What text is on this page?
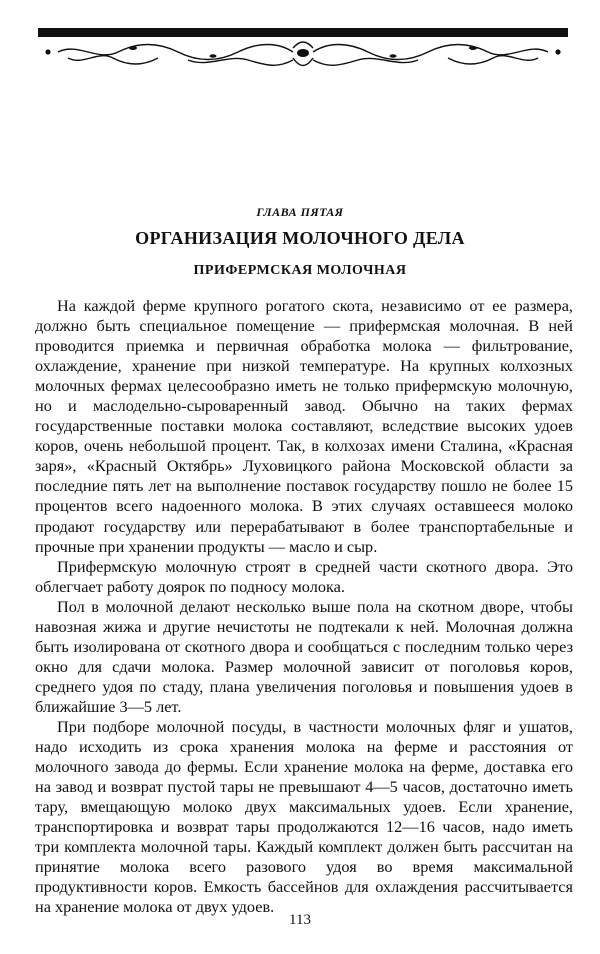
ГЛАВА ПЯТАЯ
ОРГАНИЗАЦИЯ МОЛОЧНОГО ДЕЛА
ПРИФЕРМСКАЯ МОЛОЧНАЯ

На каждой ферме крупного рогатого скота, независимо от ее размера, должно быть специальное помещение — прифермская молочная. В ней проводится приемка и первичная обработка молока — фильтрование, охлаждение, хранение при низкой температуре. На крупных колхозных молочных фермах целесообразно иметь не только прифермскую молочную, но и маслодельно-сыроваренный завод. Обычно на таких фермах государственные поставки молока составляют, вследствие высоких удоев коров, очень небольшой процент. Так, в колхозах имени Сталина, «Красная заря», «Красный Октябрь» Луховицкого района Московской области за последние пять лет на выполнение поставок государству пошло не более 15 процентов всего надоенного молока. В этих случаях оставшееся молоко продают государству или перерабатывают в более транспортабельные и прочные при хранении продукты — масло и сыр.

Прифермскую молочную строят в средней части скотного двора. Это облегчает работу доярок по подносу молока.

Пол в молочной делают несколько выше пола на скотном дворе, чтобы навозная жижа и другие нечистоты не подтекали к ней. Молочная должна быть изолирована от скотного двора и сообщаться с последним только через окно для сдачи молока. Размер молочной зависит от поголовья коров, среднего удоя по стаду, плана увеличения поголовья и повышения удоев в ближайшие 3—5 лет.

При подборе молочной посуды, в частности молочных фляг и ушатов, надо исходить из срока хранения молока на ферме и расстояния от молочного завода до фермы. Если хранение молока на ферме, доставка его на завод и возврат пустой тары не превышают 4—5 часов, достаточно иметь тару, вмещающую молоко двух максимальных удоев. Если хранение, транспортировка и возврат тары продолжаются 12—16 часов, надо иметь три комплекта молочной тары. Каждый комплект должен быть рассчитан на принятие молока всего разового удоя во время максимальной продуктивности коров. Емкость бассейнов для охлаждения рассчитывается на хранение молока от двух удоев.

113
